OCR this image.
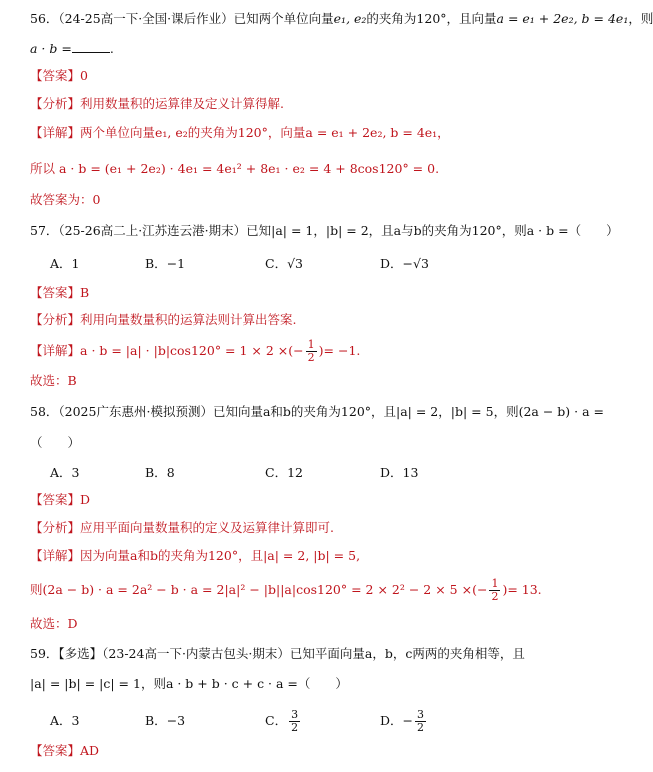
56．（24-25高一下·全国·课后作业）已知两个单位向量e₁, e₂的夹角为120°，且向量a = e₁ + 2e₂, b = 4e₁，则
a · b =	.
【答案】0
【分析】利用数量积的运算律及定义计算得解.
【详解】两个单位向量e₁, e₂的夹角为120°，向量a = e₁ + 2e₂, b = 4e₁，
所以 a · b = (e₁ + 2e₂) · 4e₁ = 4e₁² + 8e₁ · e₂ = 4 + 8cos120° = 0.
故答案为：0
57．（25-26高二上·江苏连云港·期末）已知|a| = 1，|b| = 2，且a与b的夹角为120°，则a · b =（　　）
A．1	B．−1	C．√3	D．−√3
【答案】B
【分析】利用向量数量积的运算法则计算出答案.
【详解】a · b = |a| · |b|cos120° = 1 × 2 ×(− $\frac{1}{2}$ )= −1.
故选：B
58．（2025广东惠州·模拟预测）已知向量a和b的夹角为120°，且|a| = 2，|b| = 5，则(2a − b) · a =
（　　）
A．3	B．8	C．12	D．13
【答案】D
【分析】应用平面向量数量积的定义及运算律计算即可.
【详解】因为向量a和b的夹角为120°，且|a| = 2, |b| = 5,
则(2a − b) · a = 2a² − b · a = 2|a|² − |b||a|cos120° = 2 × 2² − 2 × 5 ×(− $\frac{1}{2}$ )= 13.
故选：D
59．【多选】（23-24高一下·内蒙古包头·期末）已知平面向量a，b，c两两的夹角相等，且
|a| = |b| = |c| = 1，则a · b + b · c + c · a =（　　）
A．3	B．−3	C． $\frac{3}{2}$	D．− $\frac{3}{2}$
【答案】AD
